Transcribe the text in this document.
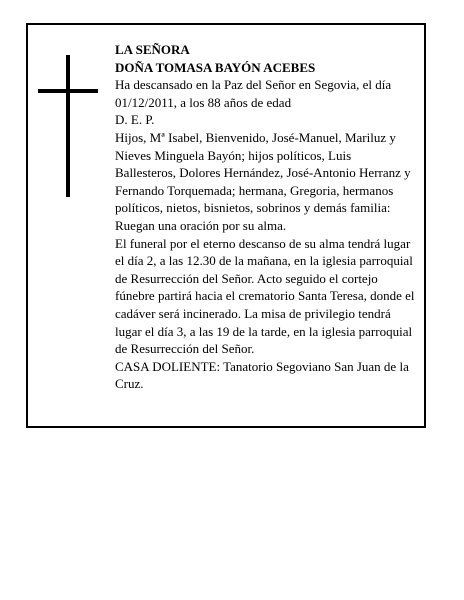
LA SEÑORA

DOÑA TOMASA BAYÓN ACEBES

Ha descansado en la Paz del Señor en Segovia, el día 01/12/2011, a los 88 años de edad

D. E. P.

Hijos, Mª Isabel, Bienvenido, José-Manuel, Mariluz y Nieves Minguela Bayón; hijos políticos, Luis Ballesteros, Dolores Hernández, José-Antonio Herranz y Fernando Torquemada; hermana, Gregoria, hermanos políticos, nietos, bisnietos, sobrinos y demás familia:

Ruegan una oración por su alma.

El funeral por el eterno descanso de su alma tendrá lugar el día 2, a las 12.30 de la mañana, en la iglesia parroquial de Resurrección del Señor. Acto seguido el cortejo fúnebre partirá hacia el crematorio Santa Teresa, donde el cadáver será incinerado. La misa de privilegio tendrá lugar el día 3, a las 19 de la tarde, en la iglesia parroquial de Resurrección del Señor.

CASA DOLIENTE: Tanatorio Segoviano San Juan de la Cruz.
